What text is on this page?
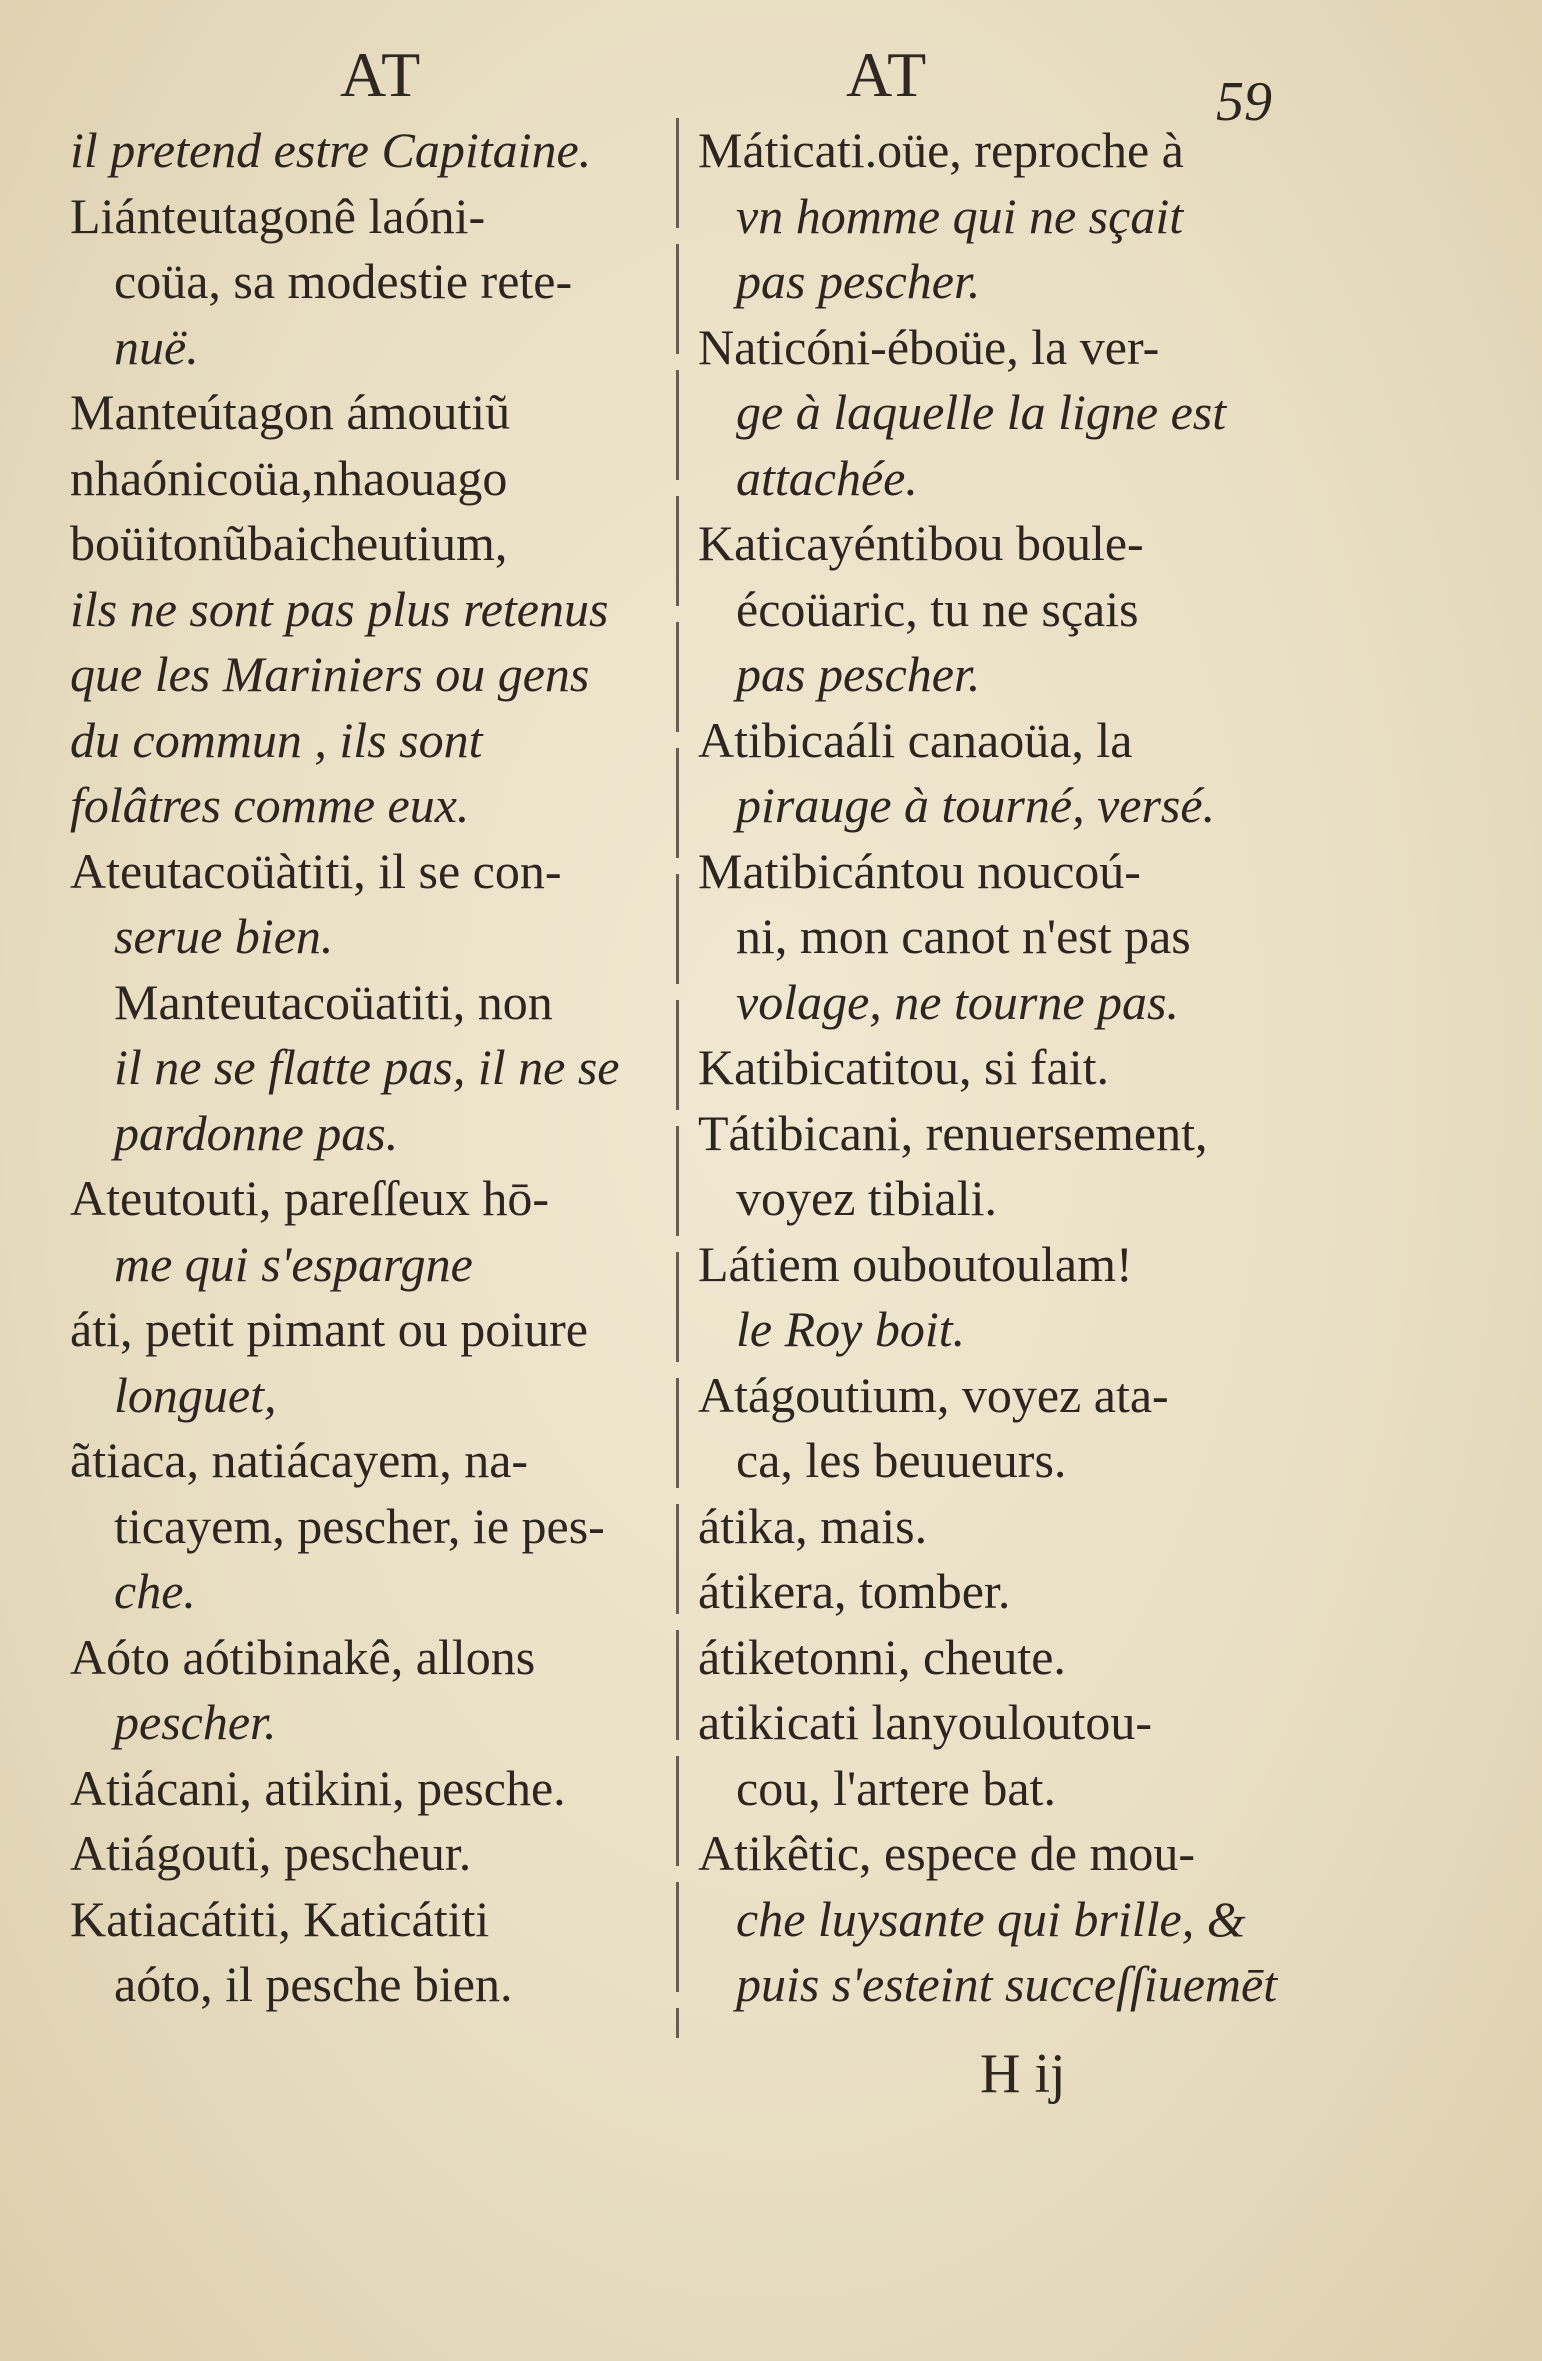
AT	AT	59
il pretend estre Capitaine.
Liánteutagonê laóni-
coüa, sa modestie rete-
nuë.
Manteútagon ámoutiũ
nhaónicoüa,nhaouago
boüitonũbaicheutium,
ils ne sont pas plus retenus
que les Mariniers ou gens
du commun , ils sont
folâtres comme eux.
Ateutacoüàtiti, il se con-
serue bien.
Manteutacoüatiti, non
il ne se flatte pas, il ne se
pardonne pas.
Ateutouti, pareſſeux hō-
me qui s'espargne
áti, petit pimant ou poiure
longuet,
ãtiaca, natiácayem, na-
ticayem, pescher, ie pes-
che.
Aóto aótibinakê, allons
pescher.
Atiácani, atikini, pesche.
Atiágouti, pescheur.
Katiacátiti, Katicátiti
aóto, il pesche bien.
Máticati.oüe, reproche à
vn homme qui ne sçait
pas pescher.
Naticóni-éboüe, la ver-
ge à laquelle la ligne est
attachée.
Katicayéntibou boule-
écoüaric, tu ne sçais
pas pescher.
Atibicaáli canaoüa, la
pirauge à tourné, versé.
Matibicántou noucoú-
ni, mon canot n'est pas
volage, ne tourne pas.
Katibicatitou, si fait.
Tátibicani, renuersement,
voyez tibiali.
Látiem ouboutoulam!
le Roy boit.
Atágoutium, voyez ata-
ca, les beuueurs.
átika, mais.
átikera, tomber.
átiketonni, cheute.
atikicati lanyouloutou-
cou, l'artere bat.
Atikêtic, espece de mou-
che luysante qui brille, &
puis s'esteint succeſſiuemēt
H ij
